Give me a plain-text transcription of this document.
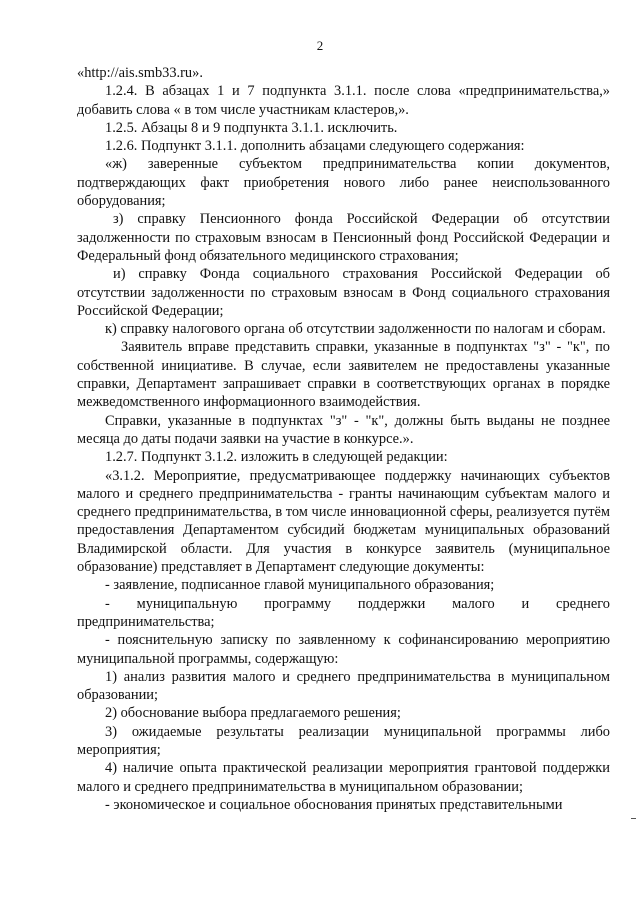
2

«http://ais.smb33.ru».

1.2.4. В абзацах 1 и 7 подпункта 3.1.1. после слова «предпринимательства,» добавить слова « в том числе участникам кластеров,».

1.2.5. Абзацы 8 и 9 подпункта 3.1.1. исключить.

1.2.6. Подпункт 3.1.1. дополнить абзацами следующего содержания:

«ж) заверенные субъектом предпринимательства копии документов, подтверждающих факт приобретения нового либо ранее неиспользованного оборудования;

з) справку Пенсионного фонда Российской Федерации об отсутствии задолженности по страховым взносам в Пенсионный фонд Российской Федерации и Федеральный фонд обязательного медицинского страхования;

и) справку Фонда социального страхования Российской Федерации об отсутствии задолженности по страховым взносам в Фонд социального страхования Российской Федерации;

к) справку налогового органа об отсутствии задолженности по налогам и сборам.

Заявитель вправе представить справки, указанные в подпунктах "з" - "к", по собственной инициативе. В случае, если заявителем не предоставлены указанные справки, Департамент запрашивает справки в соответствующих органах в порядке межведомственного информационного взаимодействия.

Справки, указанные в подпунктах "з" - "к", должны быть выданы не позднее месяца до даты подачи заявки на участие в конкурсе.».

1.2.7. Подпункт 3.1.2. изложить в следующей редакции:

«3.1.2. Мероприятие, предусматривающее поддержку начинающих субъектов малого и среднего предпринимательства - гранты начинающим субъектам малого и среднего предпринимательства, в том числе инновационной сферы, реализуется путём предоставления Департаментом субсидий бюджетам муниципальных образований Владимирской области. Для участия в конкурсе заявитель (муниципальное образование) представляет в Департамент следующие документы:

- заявление, подписанное главой муниципального образования;

- муниципальную программу поддержки малого и среднего предпринимательства;

- пояснительную записку по заявленному к софинансированию мероприятию муниципальной программы, содержащую:

1) анализ развития малого и среднего предпринимательства в муниципальном образовании;

2) обоснование выбора предлагаемого решения;

3) ожидаемые результаты реализации муниципальной программы либо мероприятия;

4) наличие опыта практической реализации мероприятия грантовой поддержки малого и среднего предпринимательства в муниципальном образовании;

- экономическое и социальное обоснования принятых представительными
